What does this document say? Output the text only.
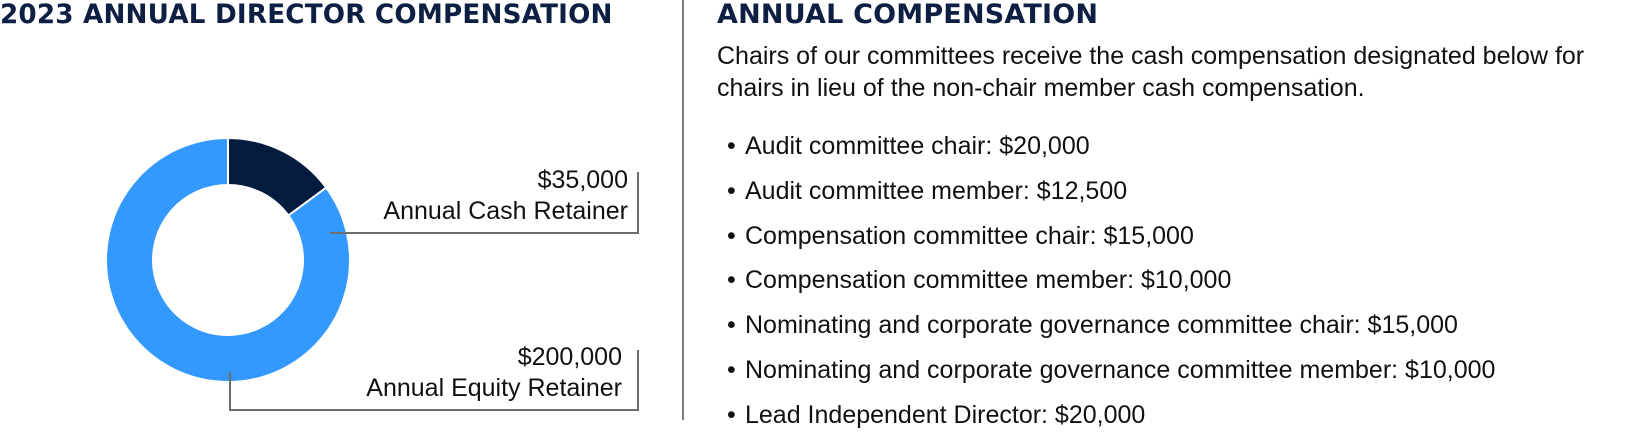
2023 ANNUAL DIRECTOR COMPENSATION
$35,000
Annual Cash Retainer
$200,000
Annual Equity Retainer
ANNUAL COMPENSATION

Chairs of our committees receive the cash compensation designated below for chairs in lieu of the non-chair member cash compensation.

• Audit committee chair: $20,000
• Audit committee member: $12,500
• Compensation committee chair: $15,000
• Compensation committee member: $10,000
• Nominating and corporate governance committee chair: $15,000
• Nominating and corporate governance committee member: $10,000
• Lead Independent Director: $20,000
